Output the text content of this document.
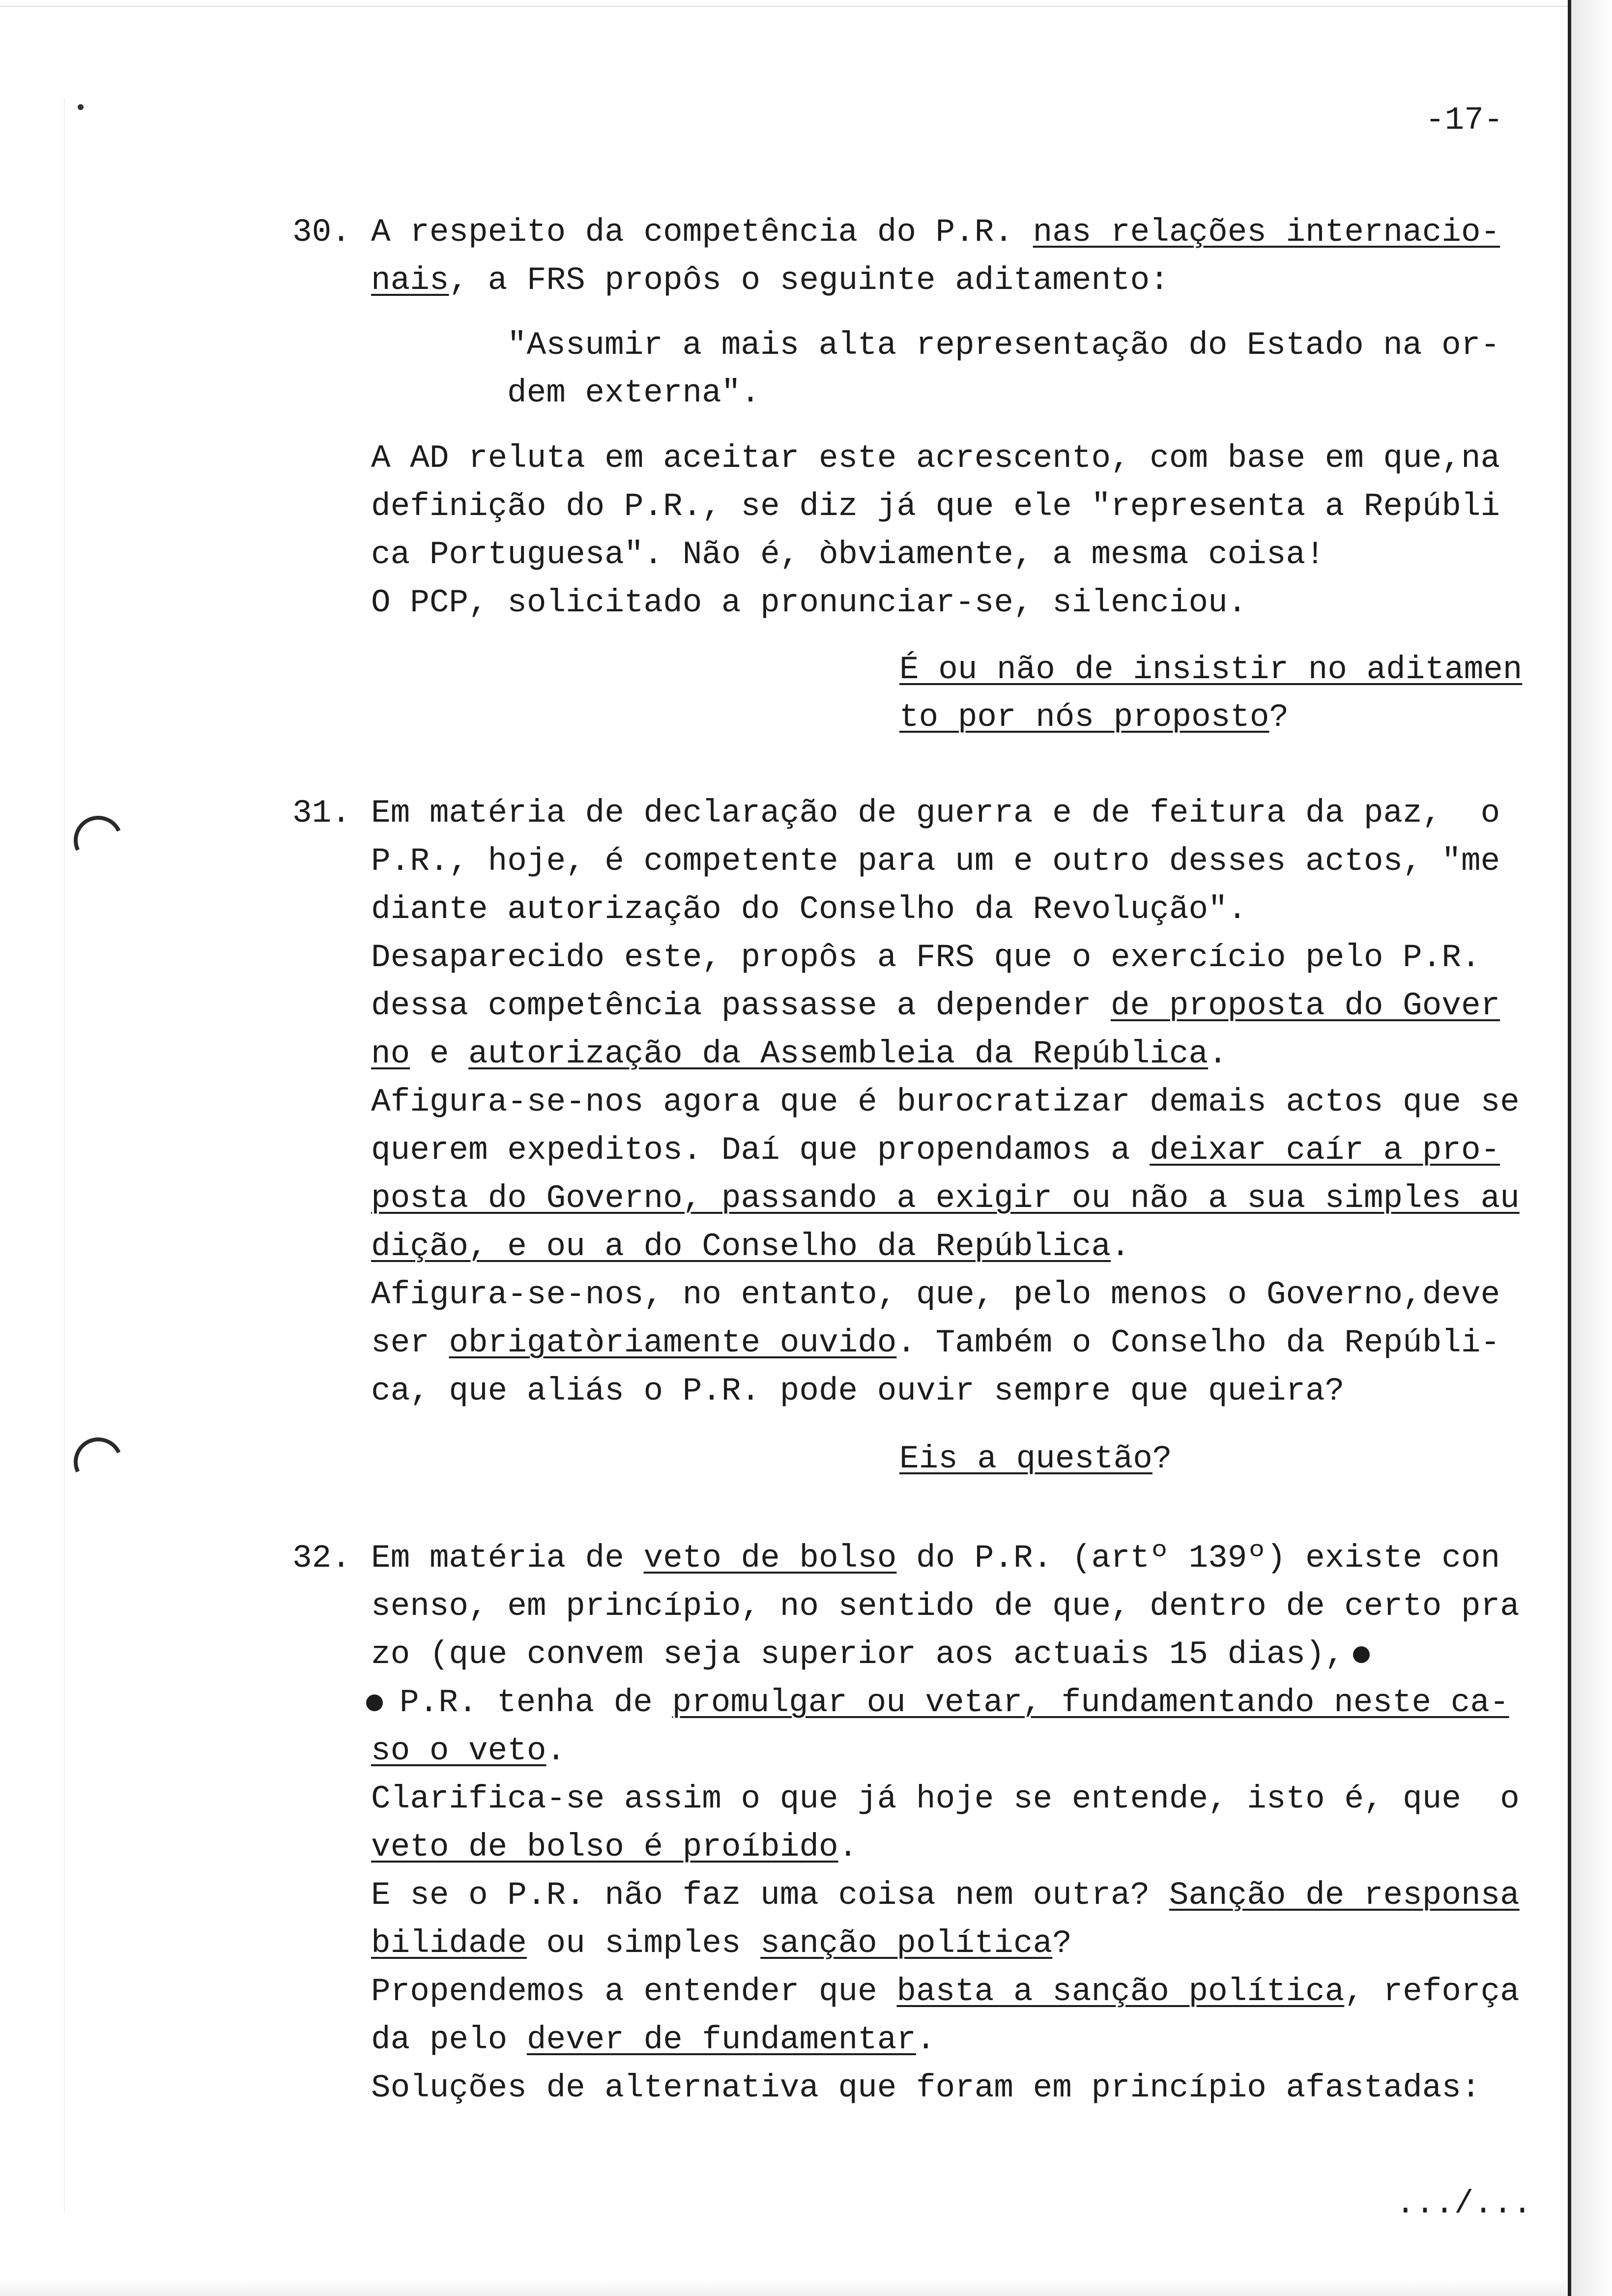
-17-
30. A respeito da competência do P.R. nas relações internacio-
nais, a FRS propôs o seguinte aditamento:
"Assumir a mais alta representação do Estado na or-
dem externa".
A AD reluta em aceitar este acrescento, com base em que,na
definição do P.R., se diz já que ele "representa a Repúbli
ca Portuguesa". Não é, òbviamente, a mesma coisa!
O PCP, solicitado a pronunciar-se, silenciou.
É ou não de insistir no aditamen
to por nós proposto?
31. Em matéria de declaração de guerra e de feitura da paz,  o
P.R., hoje, é competente para um e outro desses actos, "me
diante autorização do Conselho da Revolução".
Desaparecido este, propôs a FRS que o exercício pelo P.R.
dessa competência passasse a depender de proposta do Gover
no e autorização da Assembleia da República.
Afigura-se-nos agora que é burocratizar demais actos que se
querem expeditos. Daí que propendamos a deixar caír a pro-
posta do Governo, passando a exigir ou não a sua simples au
dição, e ou a do Conselho da República.
Afigura-se-nos, no entanto, que, pelo menos o Governo,deve
ser obrigatòriamente ouvido. Também o Conselho da Repúbli-
ca, que aliás o P.R. pode ouvir sempre que queira?
Eis a questão?
32. Em matéria de veto de bolso do P.R. (artº 139º) existe con
senso, em princípio, no sentido de que, dentro de certo pra
zo (que convem seja superior aos actuais 15 dias),
P.R. tenha de promulgar ou vetar, fundamentando neste ca-
so o veto.
Clarifica-se assim o que já hoje se entende, isto é, que  o
veto de bolso é proíbido.
E se o P.R. não faz uma coisa nem outra? Sanção de responsa
bilidade ou simples sanção política?
Propendemos a entender que basta a sanção política, reforça
da pelo dever de fundamentar.
Soluções de alternativa que foram em princípio afastadas:
.../...
